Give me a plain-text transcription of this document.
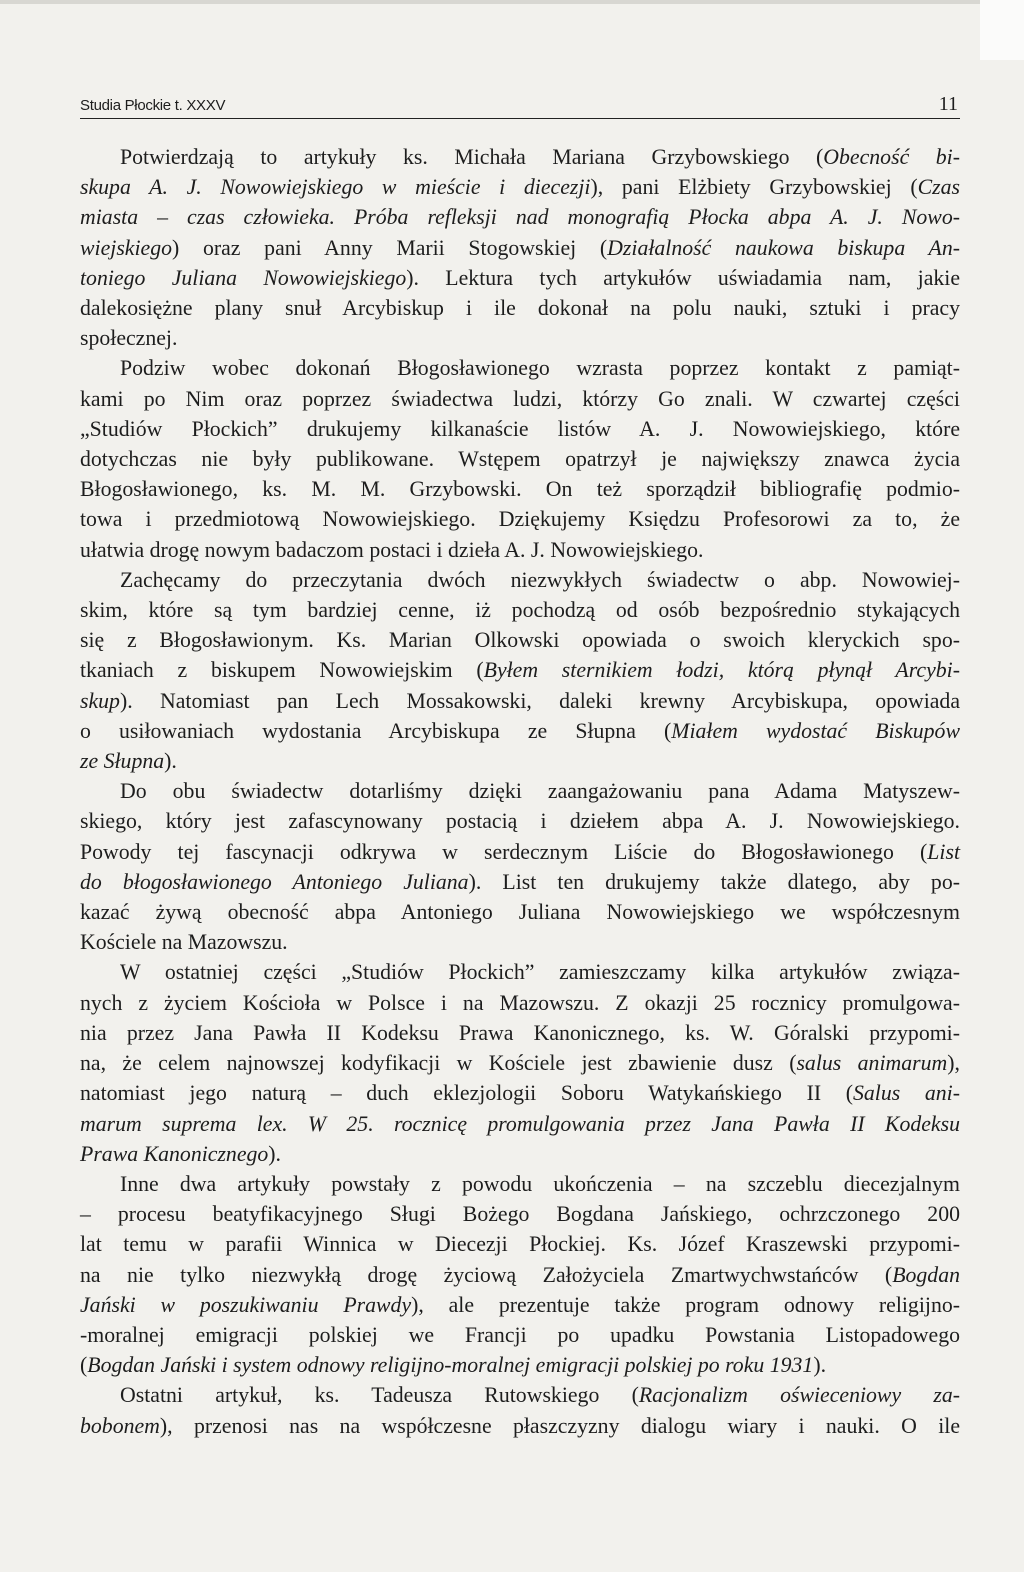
Studia Płockie t. XXXV	11
Potwierdzają to artykuły ks. Michała Mariana Grzybowskiego (Obecność bi-
skupa A. J. Nowowiejskiego w mieście i diecezji), pani Elżbiety Grzybowskiej (Czas
miasta – czas człowieka. Próba refleksji nad monografią Płocka abpa A. J. Nowo-
wiejskiego) oraz pani Anny Marii Stogowskiej (Działalność naukowa biskupa An-
toniego Juliana Nowowiejskiego). Lektura tych artykułów uświadamia nam, jakie
dalekosiężne plany snuł Arcybiskup i ile dokonał na polu nauki, sztuki i pracy
społecznej.
Podziw wobec dokonań Błogosławionego wzrasta poprzez kontakt z pamiąt-
kami po Nim oraz poprzez świadectwa ludzi, którzy Go znali. W czwartej części
„Studiów Płockich” drukujemy kilkanaście listów A. J. Nowowiejskiego, które
dotychczas nie były publikowane. Wstępem opatrzył je największy znawca życia
Błogosławionego, ks. M. M. Grzybowski. On też sporządził bibliografię podmio-
towa i przedmiotową Nowowiejskiego. Dziękujemy Księdzu Profesorowi za to, że
ułatwia drogę nowym badaczom postaci i dzieła A. J. Nowowiejskiego.
Zachęcamy do przeczytania dwóch niezwykłych świadectw o abp. Nowowiej-
skim, które są tym bardziej cenne, iż pochodzą od osób bezpośrednio stykających
się z Błogosławionym. Ks. Marian Olkowski opowiada o swoich kleryckich spo-
tkaniach z biskupem Nowowiejskim (Byłem sternikiem łodzi, którą płynął Arcybi-
skup). Natomiast pan Lech Mossakowski, daleki krewny Arcybiskupa, opowiada
o usiłowaniach wydostania Arcybiskupa ze Słupna (Miałem wydostać Biskupów
ze Słupna).
Do obu świadectw dotarliśmy dzięki zaangażowaniu pana Adama Matyszew-
skiego, który jest zafascynowany postacią i dziełem abpa A. J. Nowowiejskiego.
Powody tej fascynacji odkrywa w serdecznym Liście do Błogosławionego (List
do błogosławionego Antoniego Juliana). List ten drukujemy także dlatego, aby po-
kazać żywą obecność abpa Antoniego Juliana Nowowiejskiego we współczesnym
Kościele na Mazowszu.
W ostatniej części „Studiów Płockich” zamieszczamy kilka artykułów związa-
nych z życiem Kościoła w Polsce i na Mazowszu. Z okazji 25 rocznicy promulgowa-
nia przez Jana Pawła II Kodeksu Prawa Kanonicznego, ks. W. Góralski przypomi-
na, że celem najnowszej kodyfikacji w Kościele jest zbawienie dusz (salus animarum),
natomiast jego naturą – duch eklezjologii Soboru Watykańskiego II (Salus ani-
marum suprema lex. W 25. rocznicę promulgowania przez Jana Pawła II Kodeksu
Prawa Kanonicznego).
Inne dwa artykuły powstały z powodu ukończenia – na szczeblu diecezjalnym
– procesu beatyfikacyjnego Sługi Bożego Bogdana Jańskiego, ochrzczonego 200
lat temu w parafii Winnica w Diecezji Płockiej. Ks. Józef Kraszewski przypomi-
na nie tylko niezwykłą drogę życiową Założyciela Zmartwychwstańców (Bogdan
Jański w poszukiwaniu Prawdy), ale prezentuje także program odnowy religijno-
-moralnej emigracji polskiej we Francji po upadku Powstania Listopadowego
(Bogdan Jański i system odnowy religijno-moralnej emigracji polskiej po roku 1931).
Ostatni artykuł, ks. Tadeusza Rutowskiego (Racjonalizm oświeceniowy za-
bobonem), przenosi nas na współczesne płaszczyzny dialogu wiary i nauki. O ile
